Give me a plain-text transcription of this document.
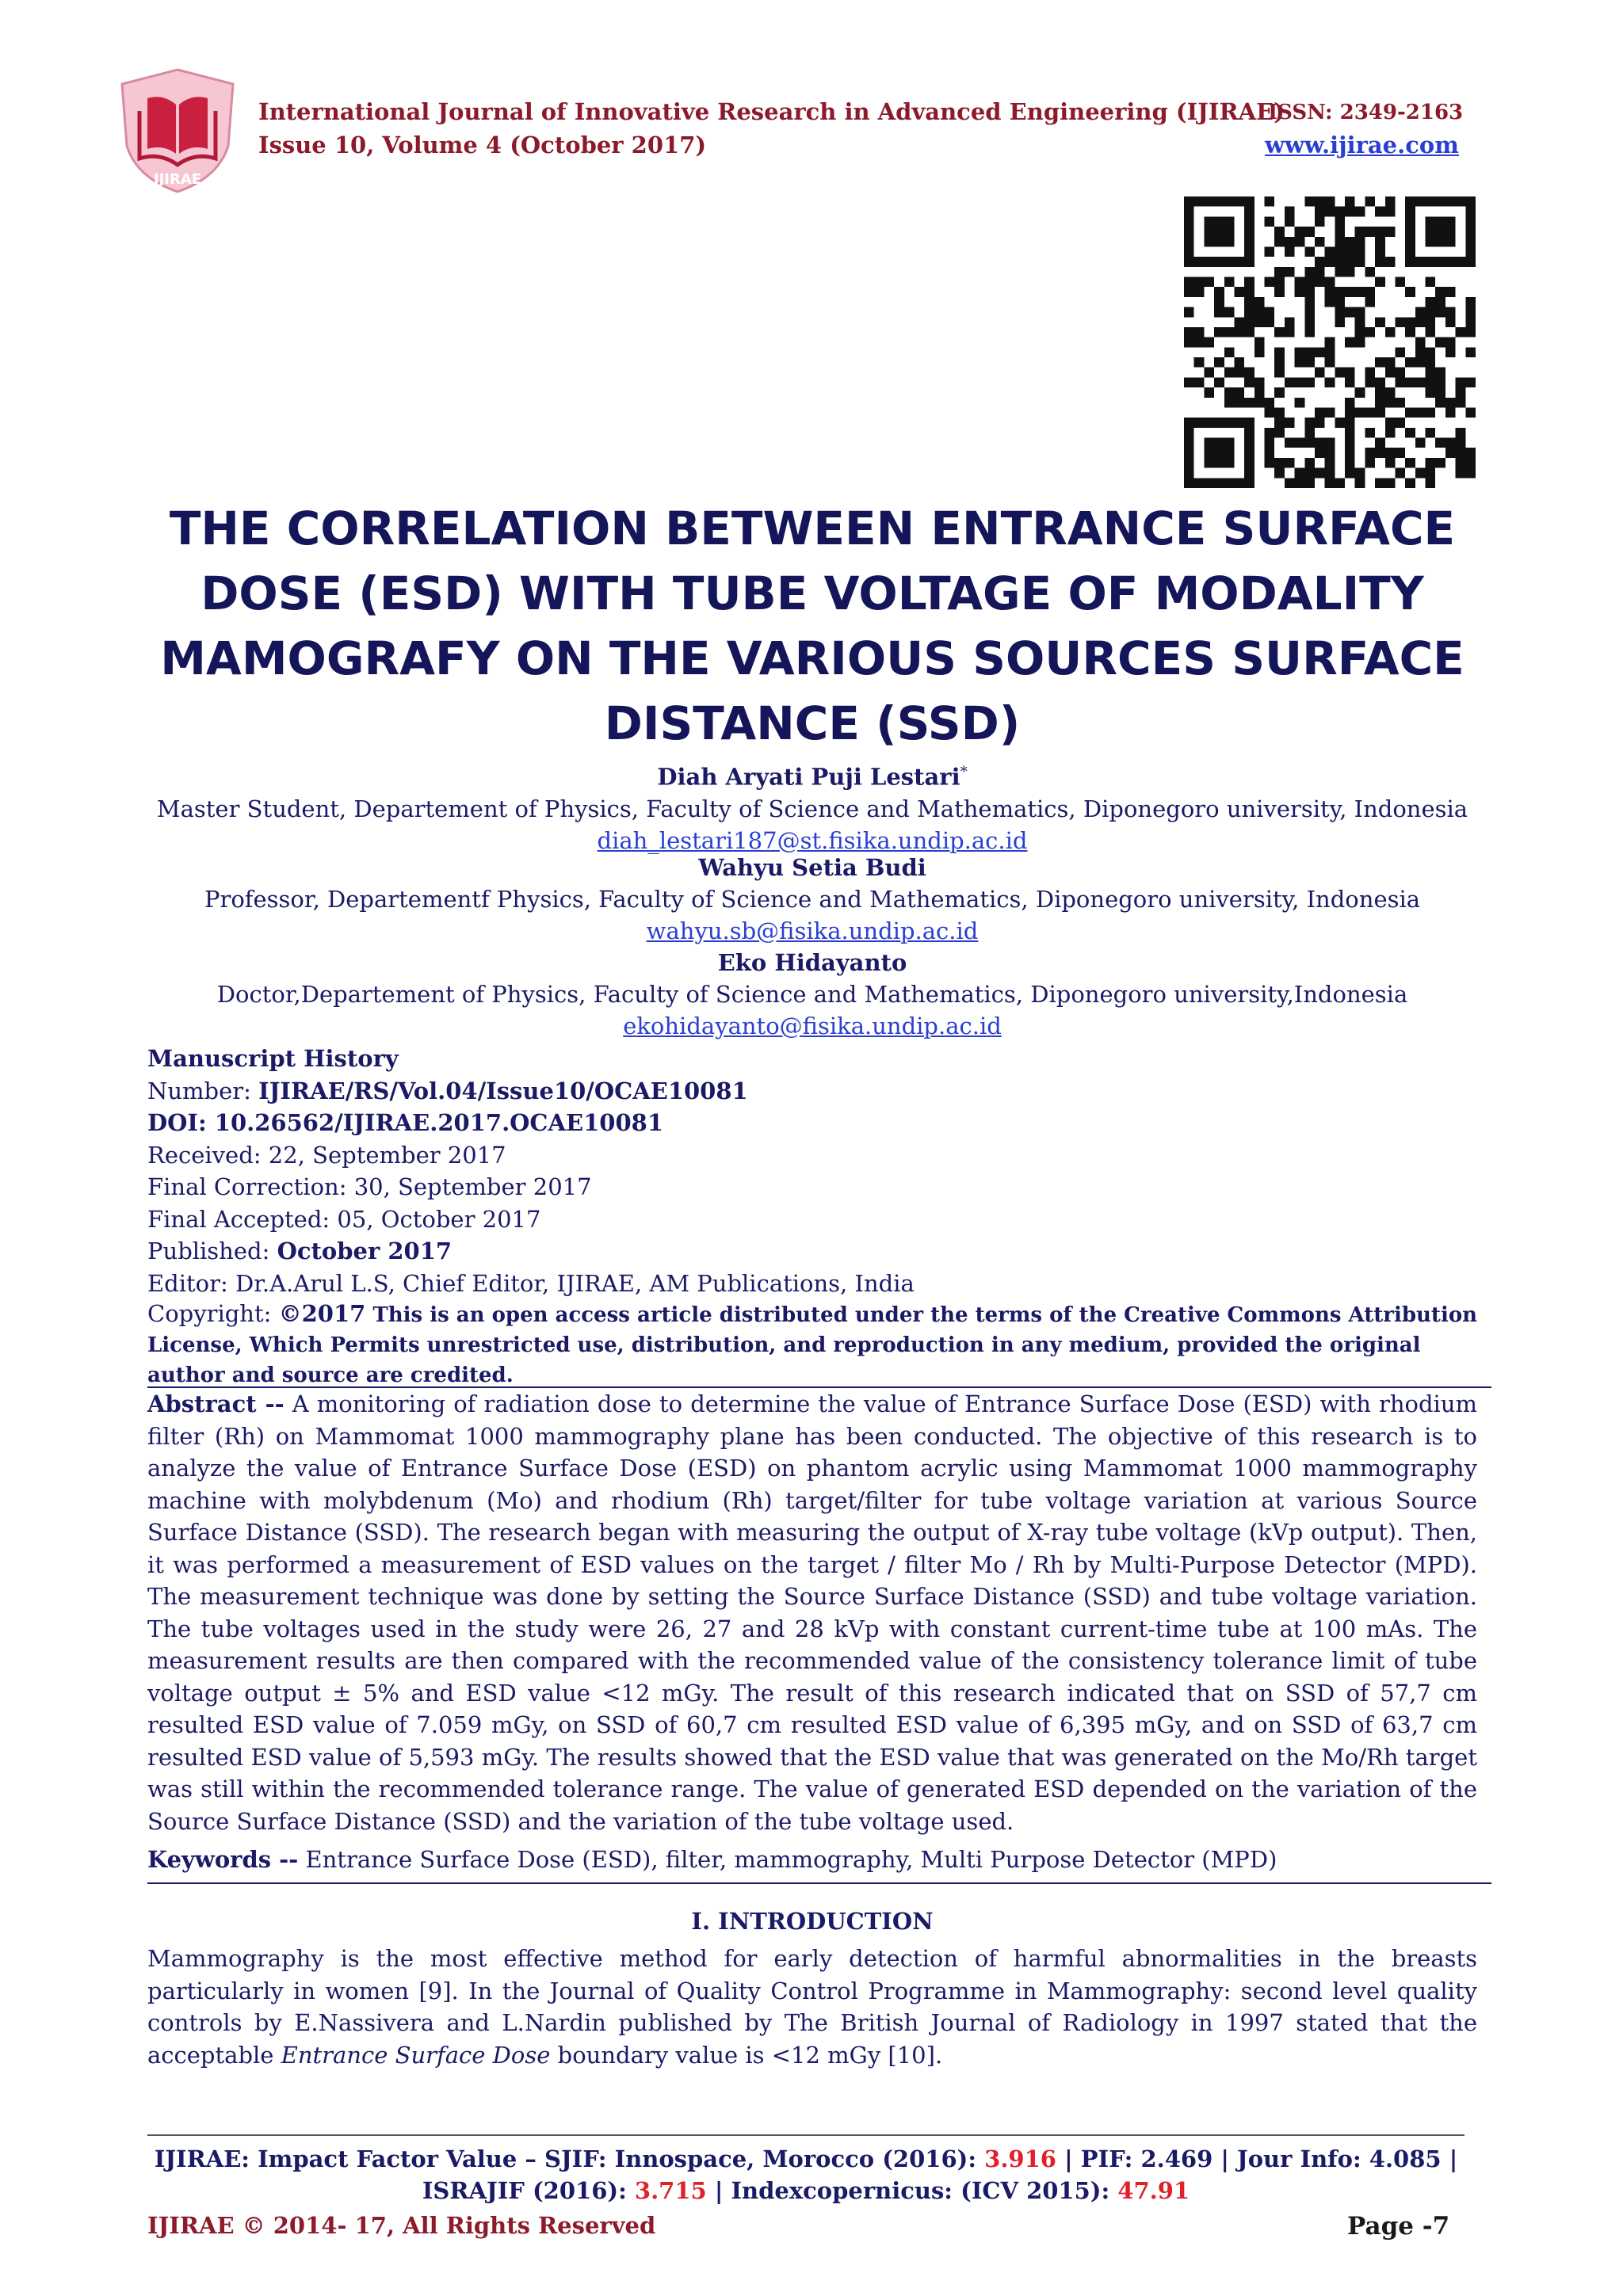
IJIRAE
International Journal of Innovative Research in Advanced Engineering (IJIRAE)
ISSN: 2349-2163
Issue 10, Volume 4 (October 2017)	www.ijirae.com
THE CORRELATION BETWEEN ENTRANCE SURFACE DOSE (ESD) WITH TUBE VOLTAGE OF MODALITY MAMOGRAFY ON THE VARIOUS SOURCES SURFACE DISTANCE (SSD)
Diah Aryati Puji Lestari*
Master Student, Departement of Physics, Faculty of Science and Mathematics, Diponegoro university, Indonesia
diah_lestari187@st.fisika.undip.ac.id
Wahyu Setia Budi
Professor, Departementf Physics, Faculty of Science and Mathematics, Diponegoro university, Indonesia
wahyu.sb@fisika.undip.ac.id
Eko Hidayanto
Doctor,Departement of Physics, Faculty of Science and Mathematics, Diponegoro university,Indonesia
ekohidayanto@fisika.undip.ac.id
Manuscript History
Number: IJIRAE/RS/Vol.04/Issue10/OCAE10081
DOI: 10.26562/IJIRAE.2017.OCAE10081
Received: 22, September 2017
Final Correction: 30, September 2017
Final Accepted: 05, October 2017
Published: October 2017
Editor: Dr.A.Arul L.S, Chief Editor, IJIRAE, AM Publications, India
Copyright: ©2017 This is an open access article distributed under the terms of the Creative Commons Attribution License, Which Permits unrestricted use, distribution, and reproduction in any medium, provided the original author and source are credited.
Abstract -- A monitoring of radiation dose to determine the value of Entrance Surface Dose (ESD) with rhodium filter (Rh) on Mammomat 1000 mammography plane has been conducted. The objective of this research is to analyze the value of Entrance Surface Dose (ESD) on phantom acrylic using Mammomat 1000 mammography machine with molybdenum (Mo) and rhodium (Rh) target/filter for tube voltage variation at various Source Surface Distance (SSD). The research began with measuring the output of X-ray tube voltage (kVp output). Then, it was performed a measurement of ESD values on the target / filter Mo / Rh by Multi-Purpose Detector (MPD). The measurement technique was done by setting the Source Surface Distance (SSD) and tube voltage variation. The tube voltages used in the study were 26, 27 and 28 kVp with constant current-time tube at 100 mAs. The measurement results are then compared with the recommended value of the consistency tolerance limit of tube voltage output ± 5% and ESD value <12 mGy. The result of this research indicated that on SSD of 57,7 cm resulted ESD value of 7.059 mGy, on SSD of 60,7 cm resulted ESD value of 6,395 mGy, and on SSD of 63,7 cm resulted ESD value of 5,593 mGy. The results showed that the ESD value that was generated on the Mo/Rh target was still within the recommended tolerance range. The value of generated ESD depended on the variation of the Source Surface Distance (SSD) and the variation of the tube voltage used.
Keywords -- Entrance Surface Dose (ESD), filter, mammography, Multi Purpose Detector (MPD)
I. INTRODUCTION
Mammography is the most effective method for early detection of harmful abnormalities in the breasts particularly in women [9]. In the Journal of Quality Control Programme in Mammography: second level quality controls by E.Nassivera and L.Nardin published by The British Journal of Radiology in 1997 stated that the acceptable Entrance Surface Dose boundary value is <12 mGy [10].
IJIRAE: Impact Factor Value – SJIF: Innospace, Morocco (2016): 3.916 | PIF: 2.469 | Jour Info: 4.085 |
ISRAJIF (2016): 3.715 | Indexcopernicus: (ICV 2015): 47.91
IJIRAE © 2014- 17, All Rights Reserved	Page -7
